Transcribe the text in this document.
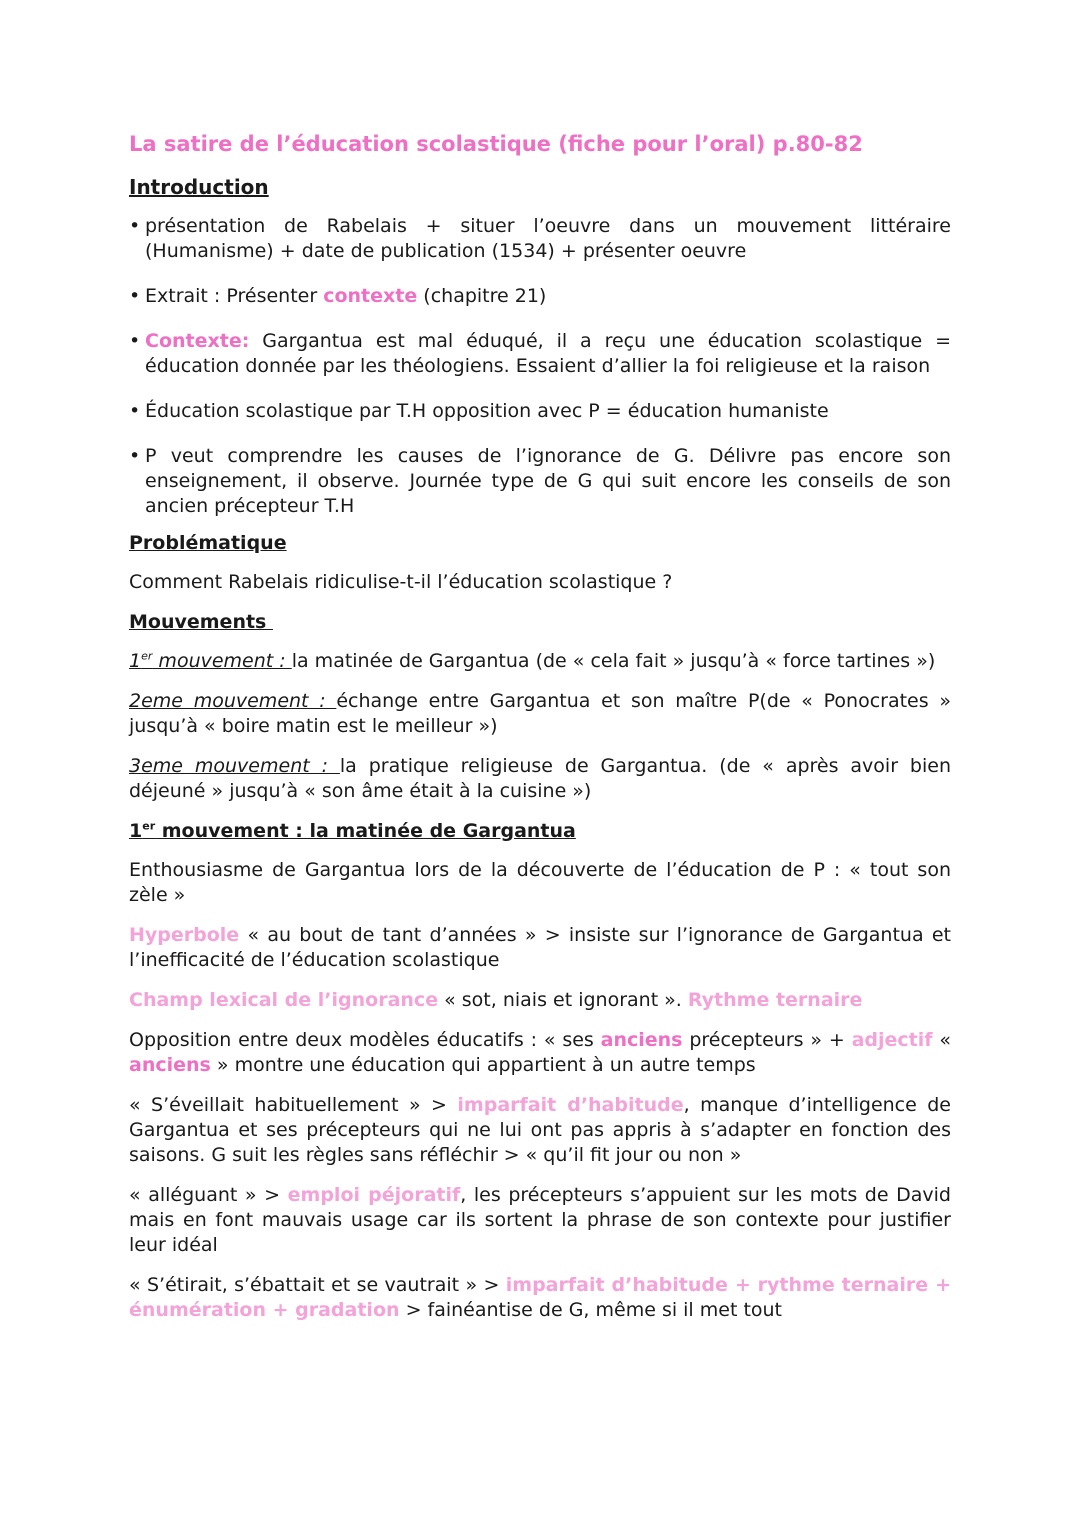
La satire de l’éducation scolastique (fiche pour l’oral) p.80-82
Introduction
• présentation de Rabelais + situer l’oeuvre dans un mouvement littéraire (Humanisme) + date de publication (1534) + présenter oeuvre
• Extrait : Présenter contexte (chapitre 21)
• Contexte: Gargantua est mal éduqué, il a reçu une éducation scolastique = éducation donnée par les théologiens. Essaient d’allier la foi religieuse et la raison
• Éducation scolastique par T.H opposition avec P = éducation humaniste
• P veut comprendre les causes de l’ignorance de G. Délivre pas encore son enseignement, il observe. Journée type de G qui suit encore les conseils de son ancien précepteur T.H
Problématique

Comment Rabelais ridiculise-t-il l’éducation scolastique ?

Mouvements

1er mouvement : la matinée de Gargantua (de « cela fait » jusqu’à « force tartines »)

2eme mouvement : échange entre Gargantua et son maître P(de « Ponocrates » jusqu’à « boire matin est le meilleur »)

3eme mouvement : la pratique religieuse de Gargantua. (de « après avoir bien déjeuné » jusqu’à « son âme était à la cuisine »)

1er mouvement : la matinée de Gargantua

Enthousiasme de Gargantua lors de la découverte de l’éducation de P : « tout son zèle »

Hyperbole « au bout de tant d’années » > insiste sur l’ignorance de Gargantua et l’inefficacité de l’éducation scolastique

Champ lexical de l’ignorance « sot, niais et ignorant ». Rythme ternaire

Opposition entre deux modèles éducatifs : « ses anciens précepteurs » + adjectif « anciens » montre une éducation qui appartient à un autre temps

« S’éveillait habituellement » > imparfait d’habitude, manque d’intelligence de Gargantua et ses précepteurs qui ne lui ont pas appris à s’adapter en fonction des saisons. G suit les règles sans réfléchir > « qu’il fit jour ou non »

« alléguant » > emploi péjoratif, les précepteurs s’appuient sur les mots de David mais en font mauvais usage car ils sortent la phrase de son contexte pour justifier leur idéal

« S’étirait, s’ébattait et se vautrait » > imparfait d’habitude + rythme ternaire + énumération + gradation > fainéantise de G, même si il met tout
